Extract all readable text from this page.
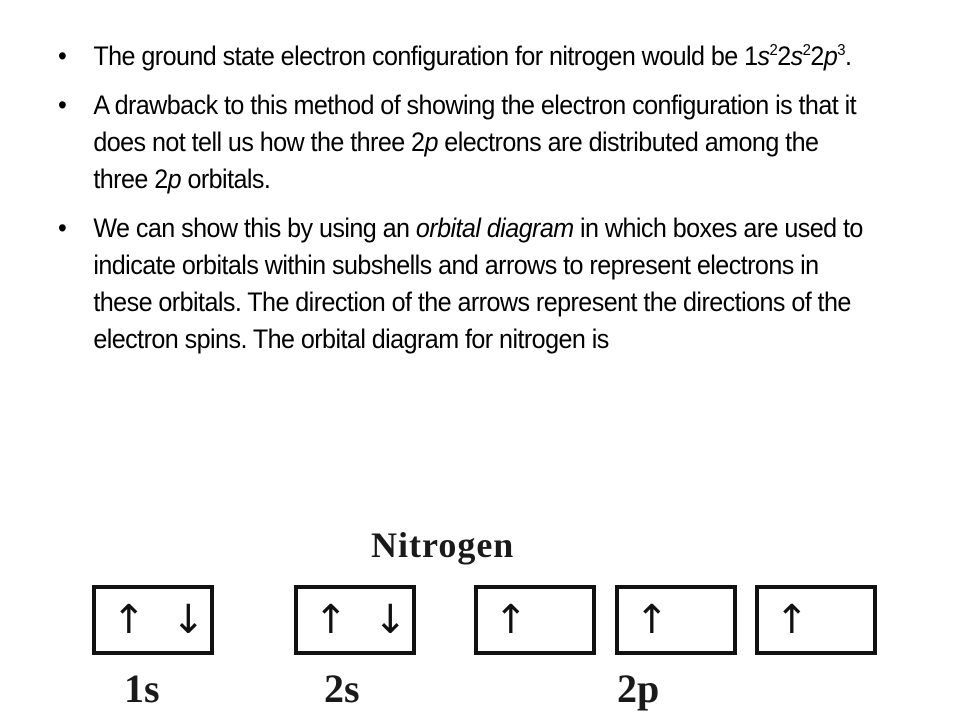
• The ground state electron configuration for nitrogen would be $1s^22s^22p^3$.
• A drawback to this method of showing the electron configuration is that it does not tell us how the three 2p electrons are distributed among the three 2p orbitals.
• We can show this by using an orbital diagram in which boxes are used to indicate orbitals within subshells and arrows to represent electrons in these orbitals. The direction of the arrows represent the directions of the electron spins. The orbital diagram for nitrogen is
Nitrogen
↑ ↓	↑ ↓ ↑	↑	↑
1s	2s	2p
